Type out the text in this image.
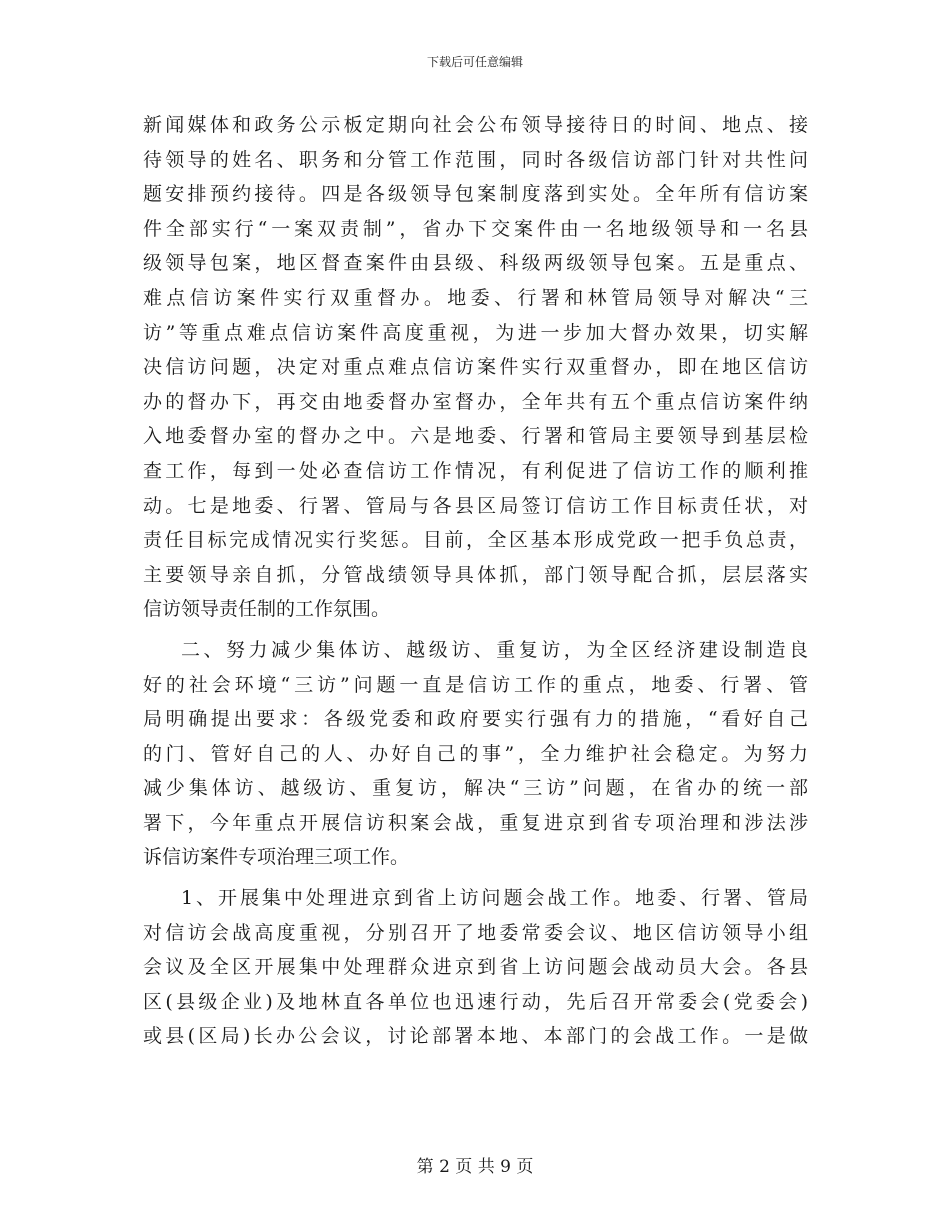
下载后可任意编辑
新闻媒体和政务公示板定期向社会公布领导接待日的时间、地点、接
待领导的姓名、职务和分管工作范围，同时各级信访部门针对共性问
题安排预约接待。四是各级领导包案制度落到实处。全年所有信访案
件全部实行“一案双责制”，省办下交案件由一名地级领导和一名县
级领导包案，地区督查案件由县级、科级两级领导包案。五是重点、
难点信访案件实行双重督办。地委、行署和林管局领导对解决“三
访”等重点难点信访案件高度重视，为进一步加大督办效果，切实解
决信访问题，决定对重点难点信访案件实行双重督办，即在地区信访
办的督办下，再交由地委督办室督办，全年共有五个重点信访案件纳
入地委督办室的督办之中。六是地委、行署和管局主要领导到基层检
查工作，每到一处必查信访工作情况，有利促进了信访工作的顺利推
动。七是地委、行署、管局与各县区局签订信访工作目标责任状，对
责任目标完成情况实行奖惩。目前，全区基本形成党政一把手负总责，
主要领导亲自抓，分管战绩领导具体抓，部门领导配合抓，层层落实
信访领导责任制的工作氛围。
二、努力减少集体访、越级访、重复访，为全区经济建设制造良
好的社会环境“三访”问题一直是信访工作的重点，地委、行署、管
局明确提出要求：各级党委和政府要实行强有力的措施，“看好自己
的门、管好自己的人、办好自己的事”，全力维护社会稳定。为努力
减少集体访、越级访、重复访，解决“三访”问题，在省办的统一部
署下，今年重点开展信访积案会战，重复进京到省专项治理和涉法涉
诉信访案件专项治理三项工作。
1、开展集中处理进京到省上访问题会战工作。地委、行署、管局
对信访会战高度重视，分别召开了地委常委会议、地区信访领导小组
会议及全区开展集中处理群众进京到省上访问题会战动员大会。各县
区(县级企业)及地林直各单位也迅速行动，先后召开常委会(党委会)
或县(区局)长办公会议，讨论部署本地、本部门的会战工作。一是做
第 2 页 共 9 页
